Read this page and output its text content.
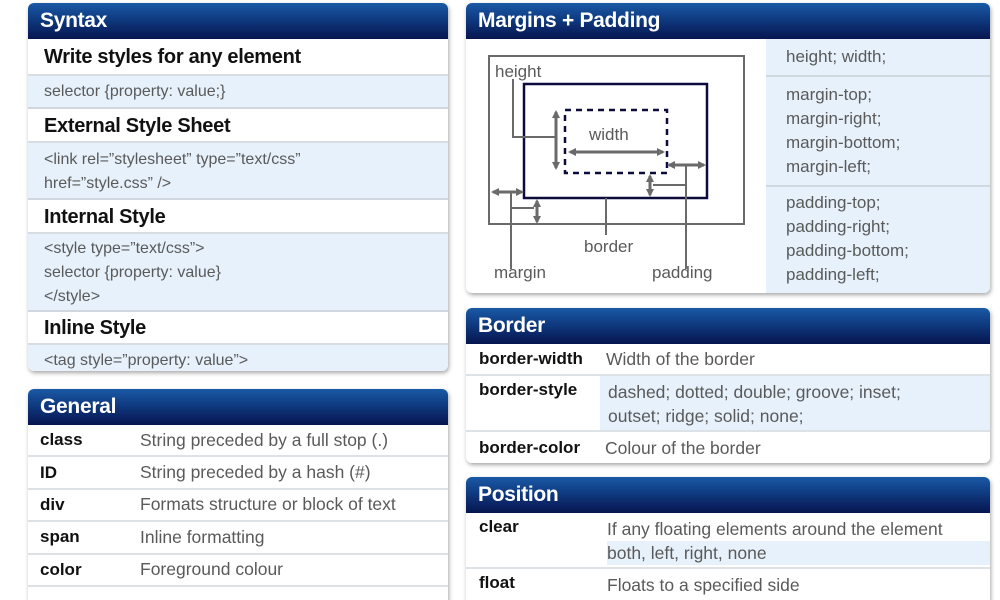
Syntax
Write styles for any element
selector {property: value;}
External Style Sheet
<link rel=”stylesheet” type=”text/css”
href=”style.css” />
Internal Style
<style type=”text/css”>
selector {property: value}
</style>
Inline Style
<tag style=”property: value”>
General
class	String preceded by a full stop (.)
ID	String preceded by a hash (#)
div	Formats structure or block of text
span	Inline formatting
color	Foreground colour
Margins + Padding
height
width
border
margin	padding
height; width;
margin-top;
margin-right;
margin-bottom;
margin-left;
padding-top;
padding-right;
padding-bottom;
padding-left;
Border
border-width	Width of the border
border-style	dashed; dotted; double; groove; inset;
outset; ridge; solid; none;
border-color	Colour of the border
Position
clear	If any floating elements around the element
both, left, right, none
float	Floats to a specified side
